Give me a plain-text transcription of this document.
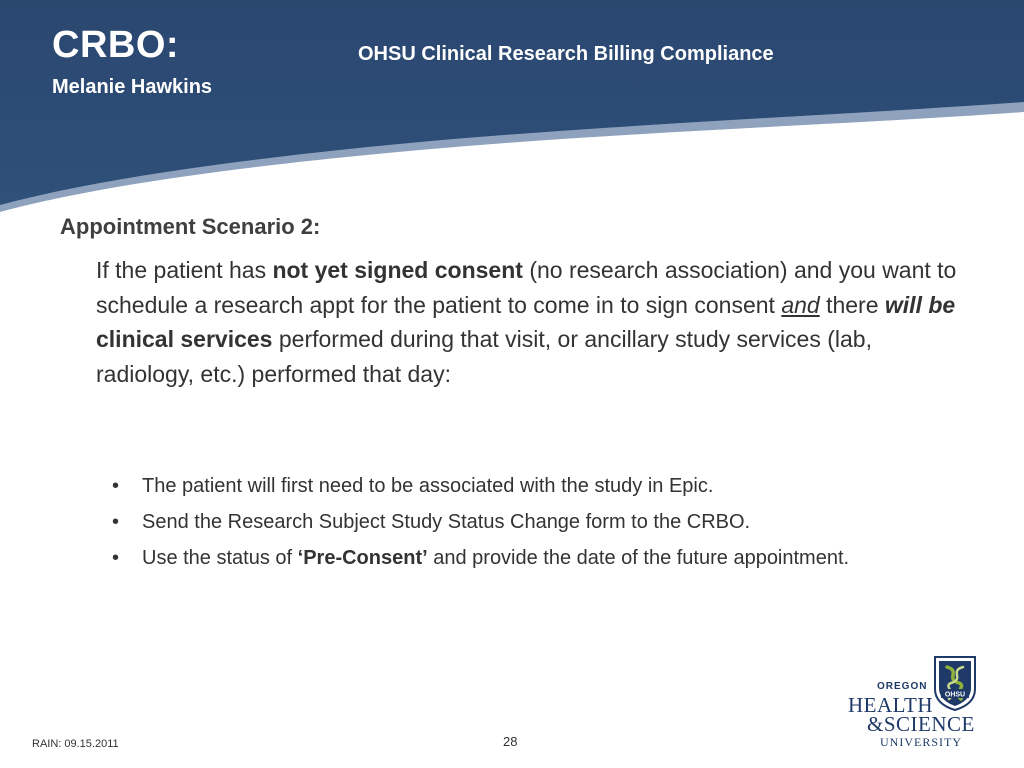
CRBO:	OHSU Clinical Research Billing Compliance
Melanie Hawkins
Appointment Scenario 2:

If the patient has not yet signed consent (no research association) and you want to schedule a research appt for the patient to come in to sign consent and there will be clinical services performed during that visit, or ancillary study services (lab, radiology, etc.) performed that day:

• The patient will first need to be associated with the study in Epic.
• Send the Research Subject Study Status Change form to the CRBO.
• Use the status of ‘Pre-Consent’ and provide the date of the future appointment.
RAIN: 09.15.2011	28
OHSU
OREGON
HEALTH
&SCIENCE
UNIVERSITY
